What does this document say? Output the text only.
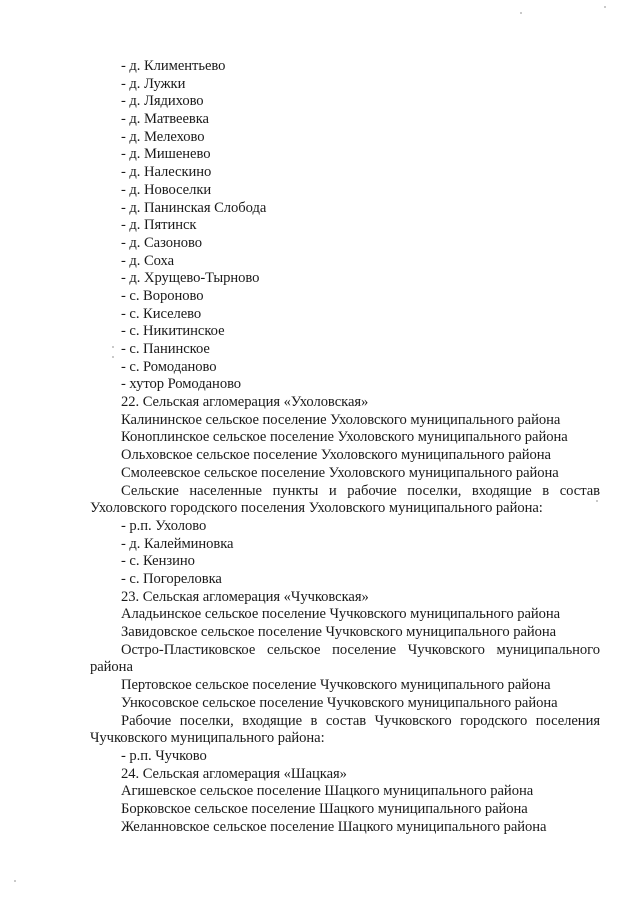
- д. Климентьево
- д. Лужки
- д. Лядихово
- д. Матвеевка
- д. Мелехово
- д. Мишенево
- д. Налескино
- д. Новоселки
- д. Панинская Слобода
- д. Пятинск
- д. Сазоново
- д. Соха
- д. Хрущево-Тырново
- с. Вороново
- с. Киселево
- с. Никитинское
- с. Панинское
- с. Ромоданово
- хутор Ромоданово
22. Сельская агломерация «Ухоловская»
Калининское сельское поселение Ухоловского муниципального района
Коноплинское сельское поселение Ухоловского муниципального района
Ольховское сельское поселение Ухоловского муниципального района
Смолеевское сельское поселение Ухоловского муниципального района
Сельские населенные пункты и рабочие поселки, входящие в состав
Ухоловского городского поселения Ухоловского муниципального района:
- р.п. Ухолово
- д. Калейминовка
- с. Кензино
- с. Погореловка
23. Сельская агломерация «Чучковская»
Аладьинское сельское поселение Чучковского муниципального района
Завидовское сельское поселение Чучковского муниципального района
Остро-Пластиковское сельское поселение Чучковского муниципального
района
Пертовское сельское поселение Чучковского муниципального района
Ункосовское сельское поселение Чучковского муниципального района
Рабочие поселки, входящие в состав Чучковского городского поселения
Чучковского муниципального района:
- р.п. Чучково
24. Сельская агломерация «Шацкая»
Агишевское сельское поселение Шацкого муниципального района
Борковское сельское поселение Шацкого муниципального района
Желанновское сельское поселение Шацкого муниципального района
